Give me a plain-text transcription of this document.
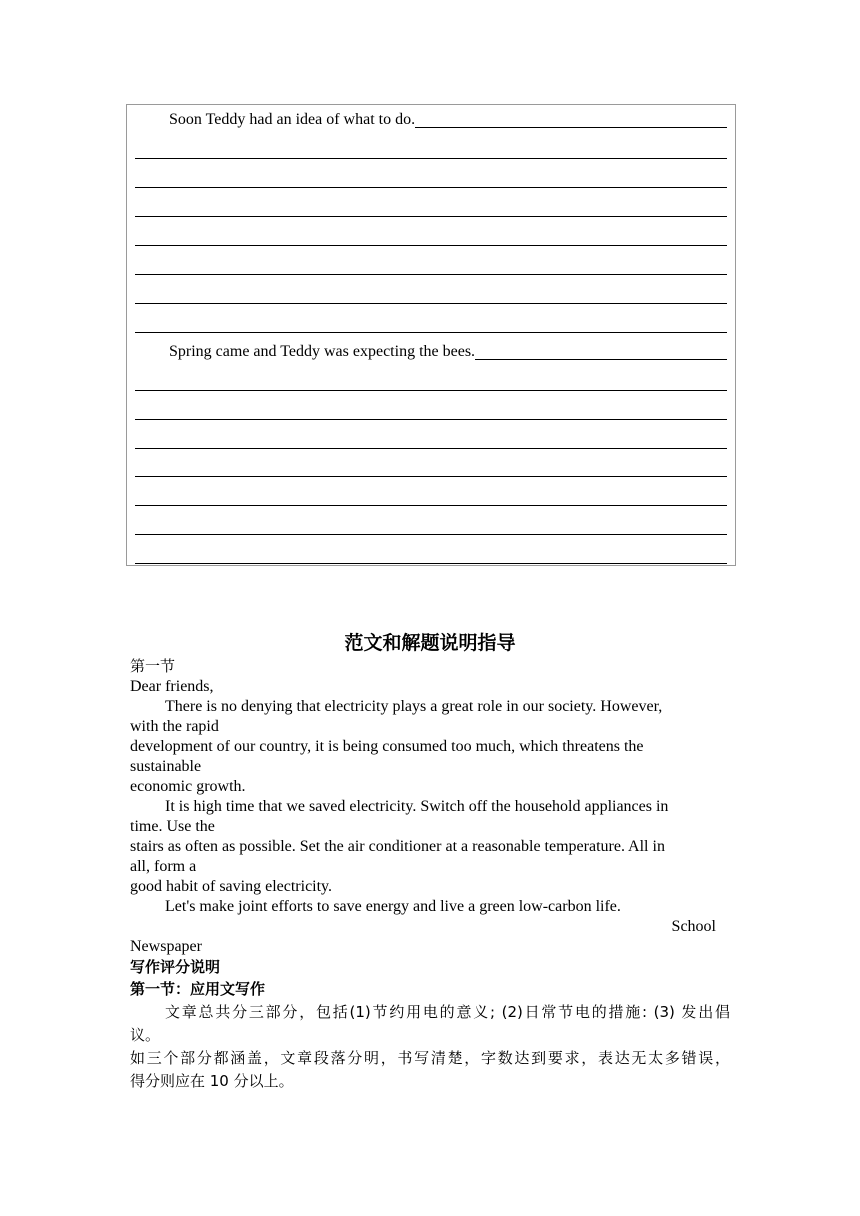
Soon Teddy had an idea of what to do.
Spring came and Teddy was expecting the bees.
范文和解题说明指导
第一节
Dear friends,
There is no denying that electricity plays a great role in our society. However,
with the rapid
development of our country, it is being consumed too much, which threatens the
sustainable
economic growth.
It is high time that we saved electricity. Switch off the household appliances in
time. Use the
stairs as often as possible. Set the air conditioner at a reasonable temperature. All in
all, form a
good habit of saving electricity.
Let's make joint efforts to save energy and live a green low-carbon life.
School
Newspaper
写作评分说明
第一节：应用文写作
文章总共分三部分，包括(1)节约用电的意义; (2)日常节电的措施: (3) 发出倡
议。
如三个部分都涵盖，文章段落分明，书写清楚，字数达到要求，表达无太多错误，
得分则应在 10 分以上。
